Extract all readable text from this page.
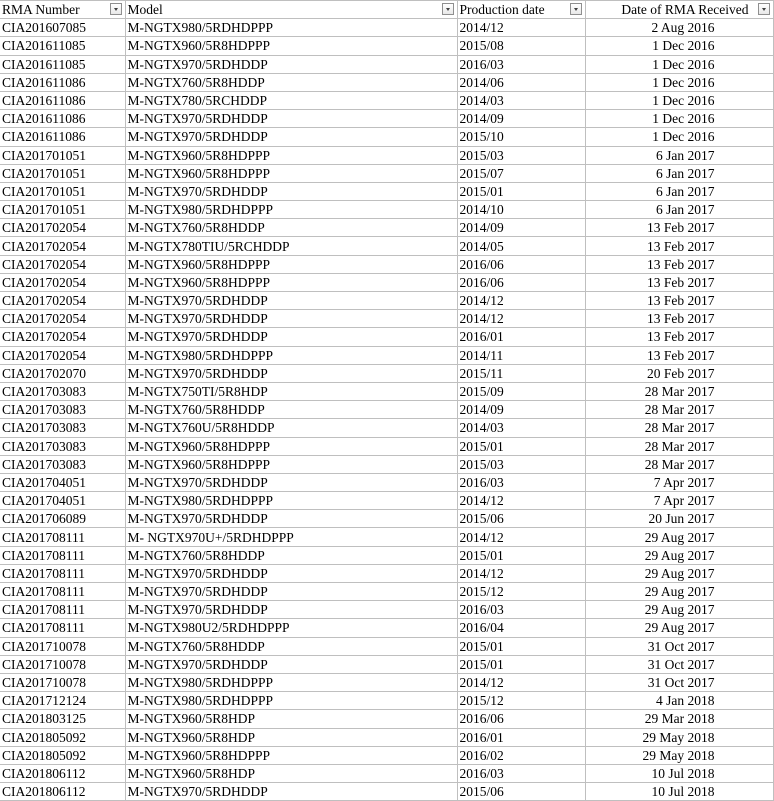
RMA Number	Model	Production date	Date of RMA Received

CIA201607085	M-NGTX980/5RDHDPPP	2014/12	2 Aug 2016
CIA201611085	M-NGTX960/5R8HDPPP	2015/08	1 Dec 2016
CIA201611085	M-NGTX970/5RDHDDP	2016/03	1 Dec 2016
CIA201611086	M-NGTX760/5R8HDDP	2014/06	1 Dec 2016
CIA201611086	M-NGTX780/5RCHDDP	2014/03	1 Dec 2016
CIA201611086	M-NGTX970/5RDHDDP	2014/09	1 Dec 2016
CIA201611086	M-NGTX970/5RDHDDP	2015/10	1 Dec 2016
CIA201701051	M-NGTX960/5R8HDPPP	2015/03	6 Jan 2017
CIA201701051	M-NGTX960/5R8HDPPP	2015/07	6 Jan 2017
CIA201701051	M-NGTX970/5RDHDDP	2015/01	6 Jan 2017
CIA201701051	M-NGTX980/5RDHDPPP	2014/10	6 Jan 2017
CIA201702054	M-NGTX760/5R8HDDP	2014/09	13 Feb 2017
CIA201702054	M-NGTX780TIU/5RCHDDP	2014/05	13 Feb 2017
CIA201702054	M-NGTX960/5R8HDPPP	2016/06	13 Feb 2017
CIA201702054	M-NGTX960/5R8HDPPP	2016/06	13 Feb 2017
CIA201702054	M-NGTX970/5RDHDDP	2014/12	13 Feb 2017
CIA201702054	M-NGTX970/5RDHDDP	2014/12	13 Feb 2017
CIA201702054	M-NGTX970/5RDHDDP	2016/01	13 Feb 2017
CIA201702054	M-NGTX980/5RDHDPPP	2014/11	13 Feb 2017
CIA201702070	M-NGTX970/5RDHDDP	2015/11	20 Feb 2017
CIA201703083	M-NGTX750TI/5R8HDP	2015/09	28 Mar 2017
CIA201703083	M-NGTX760/5R8HDDP	2014/09	28 Mar 2017
CIA201703083	M-NGTX760U/5R8HDDP	2014/03	28 Mar 2017
CIA201703083	M-NGTX960/5R8HDPPP	2015/01	28 Mar 2017
CIA201703083	M-NGTX960/5R8HDPPP	2015/03	28 Mar 2017
CIA201704051	M-NGTX970/5RDHDDP	2016/03	7 Apr 2017
CIA201704051	M-NGTX980/5RDHDPPP	2014/12	7 Apr 2017
CIA201706089	M-NGTX970/5RDHDDP	2015/06	20 Jun 2017
CIA201708111	M- NGTX970U+/5RDHDPPP	2014/12	29 Aug 2017
CIA201708111	M-NGTX760/5R8HDDP	2015/01	29 Aug 2017
CIA201708111	M-NGTX970/5RDHDDP	2014/12	29 Aug 2017
CIA201708111	M-NGTX970/5RDHDDP	2015/12	29 Aug 2017
CIA201708111	M-NGTX970/5RDHDDP	2016/03	29 Aug 2017
CIA201708111	M-NGTX980U2/5RDHDPPP	2016/04	29 Aug 2017
CIA201710078	M-NGTX760/5R8HDDP	2015/01	31 Oct 2017
CIA201710078	M-NGTX970/5RDHDDP	2015/01	31 Oct 2017
CIA201710078	M-NGTX980/5RDHDPPP	2014/12	31 Oct 2017
CIA201712124	M-NGTX980/5RDHDPPP	2015/12	4 Jan 2018
CIA201803125	M-NGTX960/5R8HDP	2016/06	29 Mar 2018
CIA201805092	M-NGTX960/5R8HDP	2016/01	29 May 2018
CIA201805092	M-NGTX960/5R8HDPPP	2016/02	29 May 2018
CIA201806112	M-NGTX960/5R8HDP	2016/03	10 Jul 2018
CIA201806112	M-NGTX970/5RDHDDP	2015/06	10 Jul 2018
